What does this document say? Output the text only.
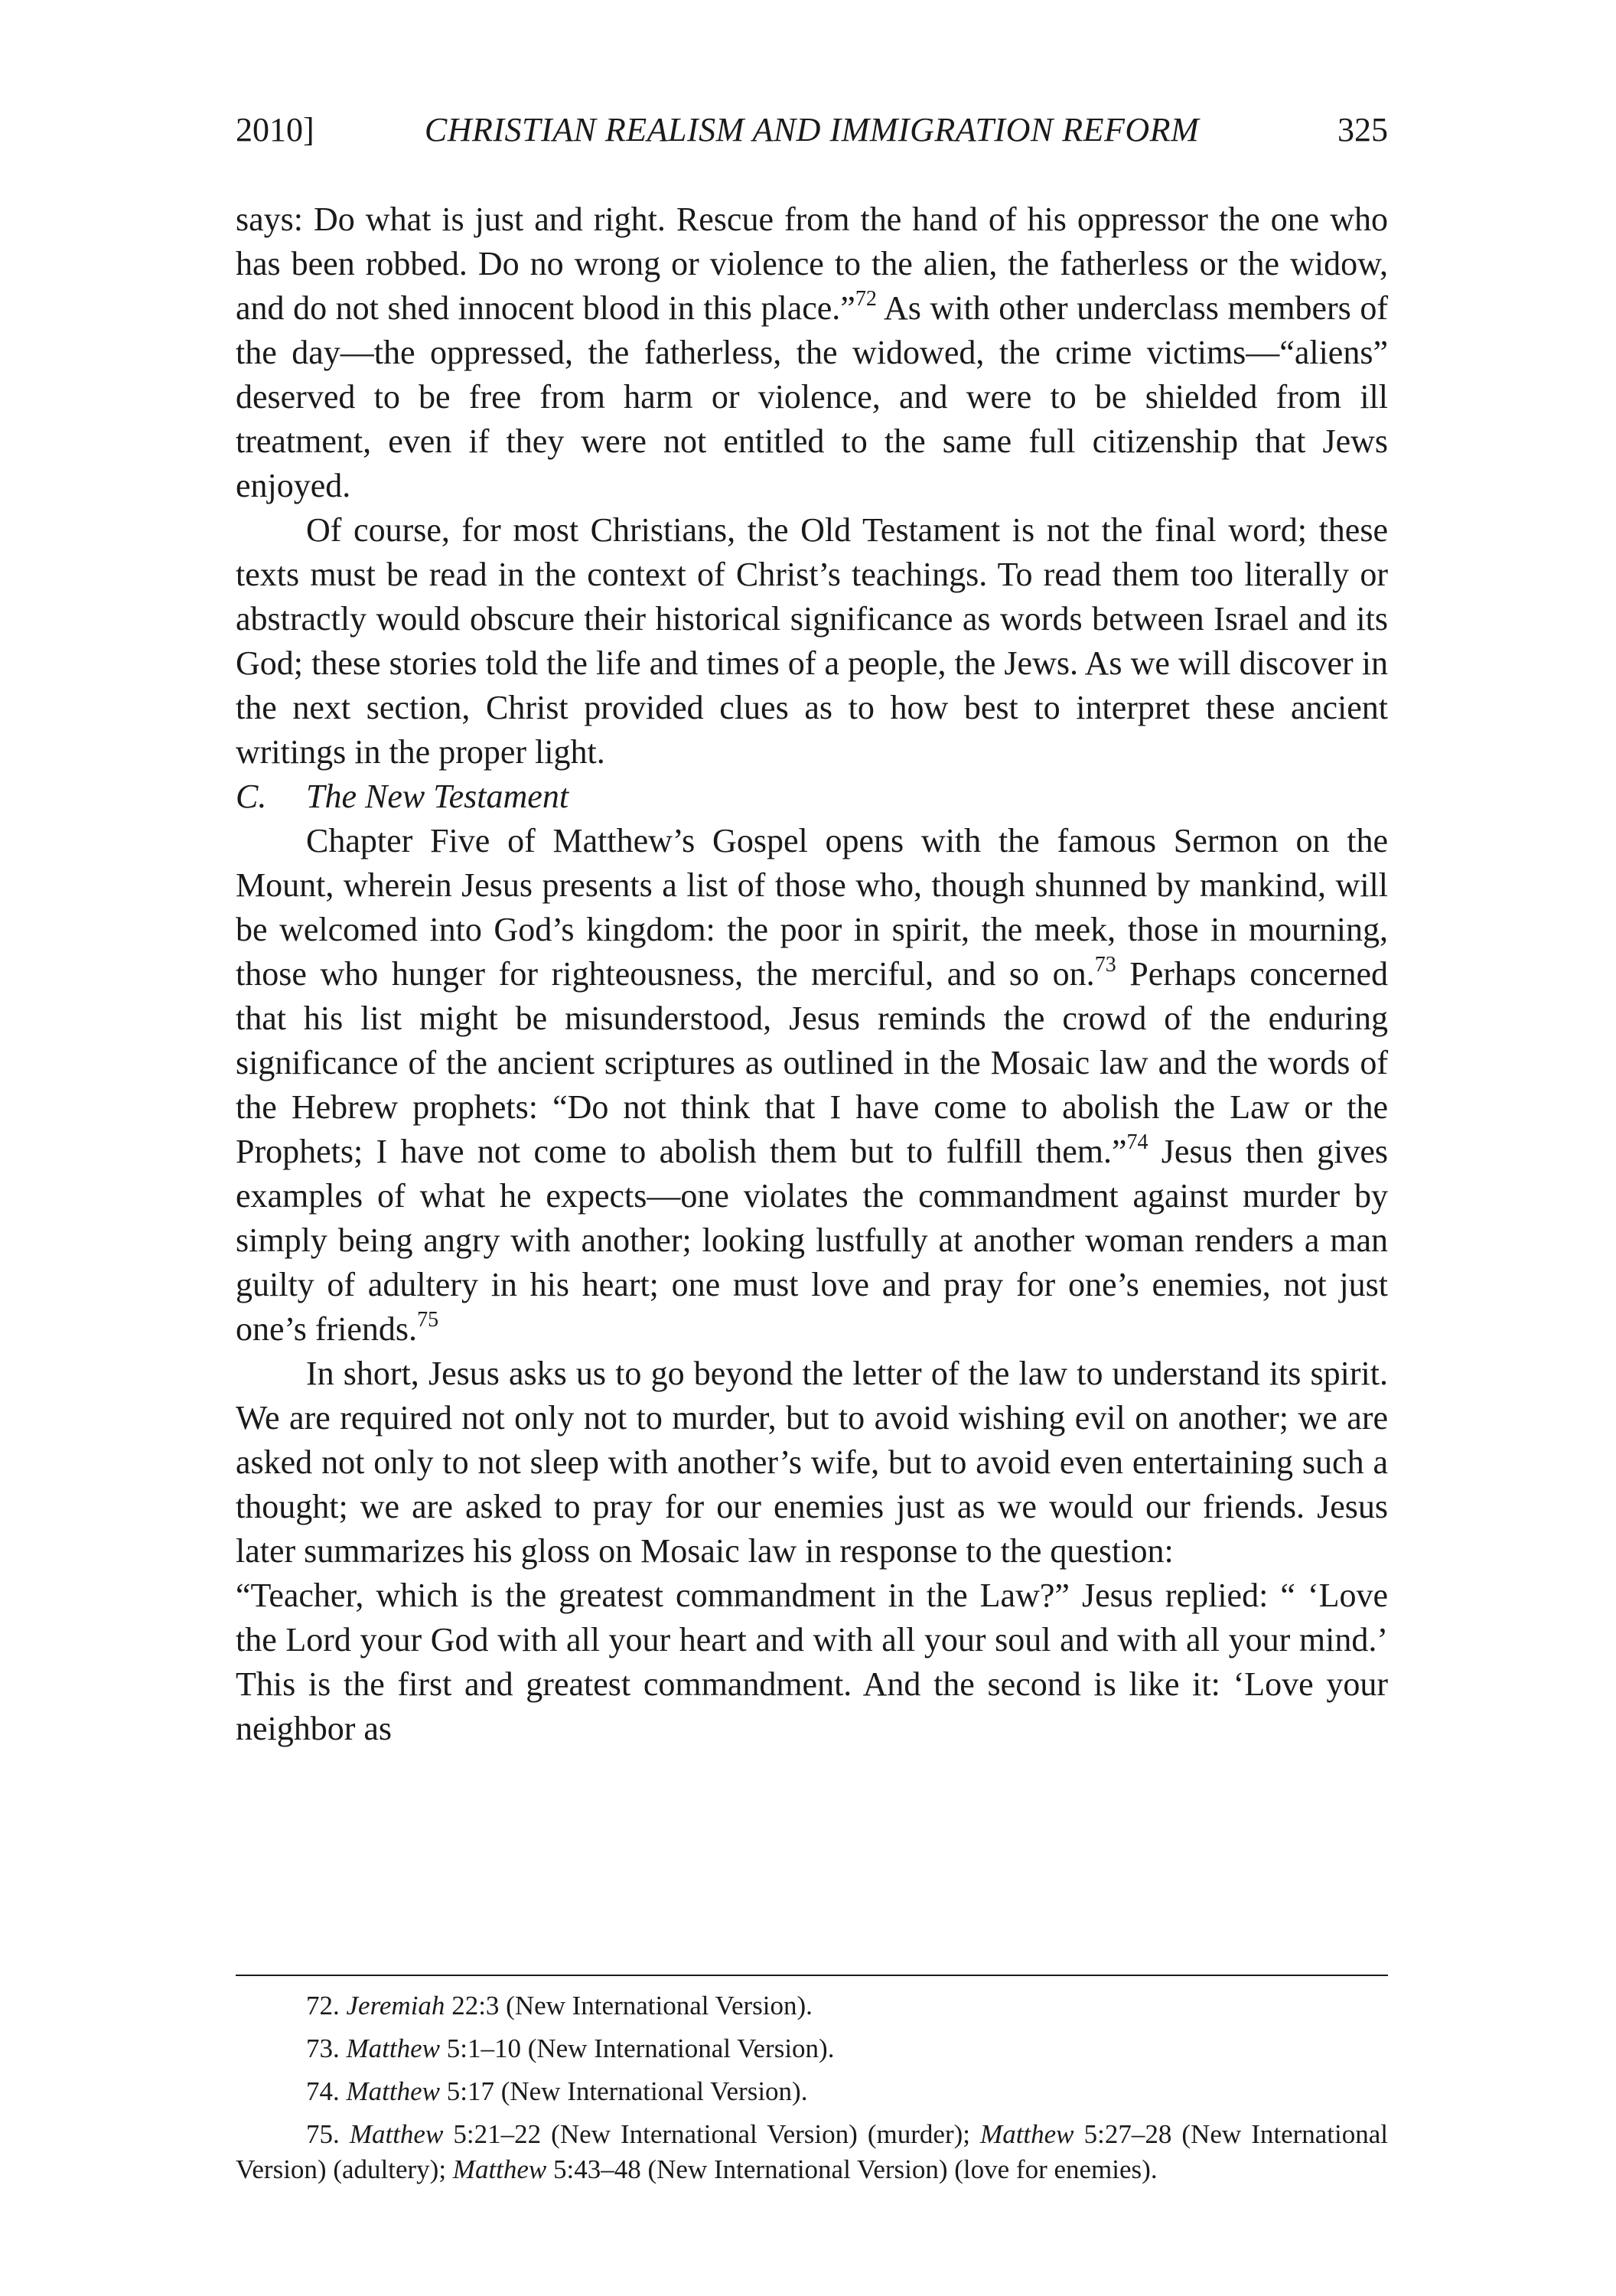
2010]	CHRISTIAN REALISM AND IMMIGRATION REFORM	325

says: Do what is just and right. Rescue from the hand of his oppressor the one who has been robbed. Do no wrong or violence to the alien, the fatherless or the widow, and do not shed innocent blood in this place.”$^{72}$ As with other underclass members of the day—the oppressed, the fatherless, the widowed, the crime victims—“aliens” deserved to be free from harm or violence, and were to be shielded from ill treatment, even if they were not entitled to the same full citizenship that Jews enjoyed.

Of course, for most Christians, the Old Testament is not the final word; these texts must be read in the context of Christ’s teachings. To read them too literally or abstractly would obscure their historical significance as words between Israel and its God; these stories told the life and times of a people, the Jews. As we will discover in the next section, Christ provided clues as to how best to interpret these ancient writings in the proper light.

C. The New Testament

Chapter Five of Matthew’s Gospel opens with the famous Sermon on the Mount, wherein Jesus presents a list of those who, though shunned by mankind, will be welcomed into God’s kingdom: the poor in spirit, the meek, those in mourning, those who hunger for righteousness, the merciful, and so on.$^{73}$ Perhaps concerned that his list might be misunderstood, Jesus reminds the crowd of the enduring significance of the ancient scriptures as outlined in the Mosaic law and the words of the Hebrew prophets: “Do not think that I have come to abolish the Law or the Prophets; I have not come to abolish them but to fulfill them.”$^{74}$ Jesus then gives examples of what he expects—one violates the commandment against murder by simply being angry with another; looking lustfully at another woman renders a man guilty of adultery in his heart; one must love and pray for one’s enemies, not just one’s friends.$^{75}$

In short, Jesus asks us to go beyond the letter of the law to understand its spirit. We are required not only not to murder, but to avoid wishing evil on another; we are asked not only to not sleep with another’s wife, but to avoid even entertaining such a thought; we are asked to pray for our enemies just as we would our friends. Jesus later summarizes his gloss on Mosaic law in response to the question:

“Teacher, which is the greatest commandment in the Law?” Jesus replied: “ ‘Love the Lord your God with all your heart and with all your soul and with all your mind.’ This is the first and greatest commandment. And the second is like it: ‘Love your neighbor as

72. Jeremiah 22:3 (New International Version).

73. Matthew 5:1–10 (New International Version).

74. Matthew 5:17 (New International Version).

75. Matthew 5:21–22 (New International Version) (murder); Matthew 5:27–28 (New International Version) (adultery); Matthew 5:43–48 (New International Version) (love for enemies).
